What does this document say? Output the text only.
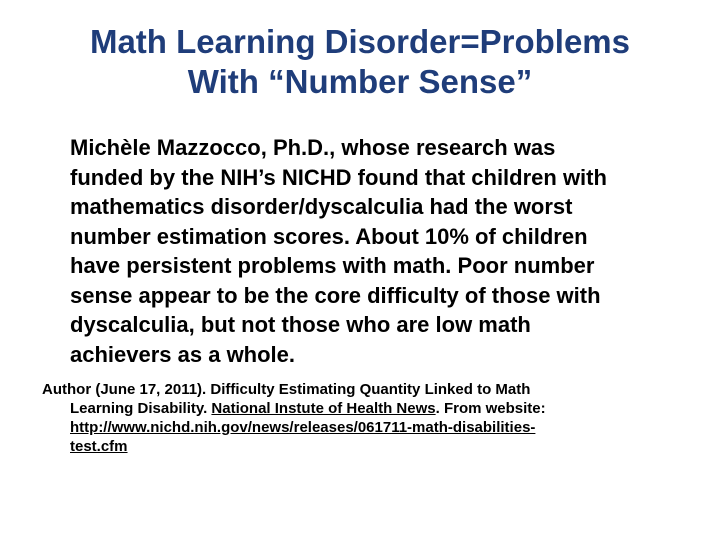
Math Learning Disorder=Problems
With “Number Sense”
Michèle Mazzocco, Ph.D., whose research was
funded by the NIH’s NICHD found that children with
mathematics disorder/dyscalculia had the worst
number estimation scores. About 10% of children
have persistent problems with math. Poor number
sense appear to be the core difficulty of those with
dyscalculia, but not those who are low math
achievers as a whole.
Author (June 17, 2011). Difficulty Estimating Quantity Linked to Math
Learning Disability. National Instute of Health News. From website:
http://www.nichd.nih.gov/news/releases/061711-math-disabilities-
test.cfm
